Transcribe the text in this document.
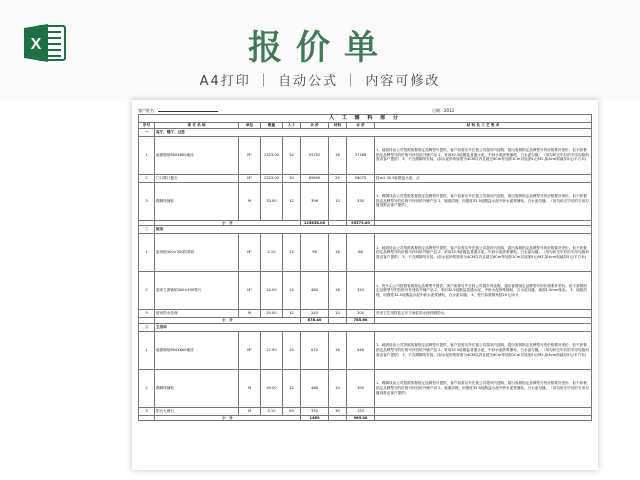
X	报价单
A4打印 ｜ 自动公式 ｜ 内容可修改
客户姓名：	日期：2013
人 工 辅 料 部 分								
序号	项 目 名 称	单位	数量	人工	合 价	材料	合 价	材 料 及 工 艺 要 求
一	客厅、餐厅、过道							
1	地面铺贴800X800地砖	M²	2323.00	24	55752	16	37168	1、地面砖由公司按照客餐指定品牌型号提供，客户如需另外在我公司超市内选购，超出客餐指定品牌型号的价格要补差价。但不套餐指定品牌型号的价格可补回给外铺产品 2、采用32.5硅酸盐普通水泥，中砂水泥砂浆铺贴，白水泥勾缝。（用勾砖完毕后的专用勾缝剂需由客户提供） 3、不含踢脚线安装。(如水泥砂浆厚度为4CM以内且超过6Cm每加厚1Cm另加加5元/M2,如4cm则减扣5元/平方米)
2	门口踢门槛石	M²	2323.00	30	69690	25	58075	按m2 32.5硅酸盐水泥，沙
3	踢脚线铺贴	M	33.00	12	396	10	330	1、踢脚线由公司按照客餐指定品牌型号提供，客户如需另外在我公司超市内选购，超出客餐指定品牌型号的价格要补差价。但不套餐指定品牌型号的价格可补回给外铺产品 2、墙面清理，用强度32.5硅酸盐水泥中砂水泥浆铺贴，白水泥勾缝。（用勾砖完毕后的专用勾缝剂需由客户提供）
	小　计				125838.00		95573.00	
二	厨房							
1	厨房地300×300防滑砖	M²	4.10	24	98	16	66	1、地面砖由公司按照客餐指定品牌型号提供，客户如需另外在我公司超市内选购，超出客餐指定品牌型号的价格要补差价。但不套餐指定品牌型号的价格可补回给外铺产品 2、采用32.5硅酸盐普通水泥，中砂水泥砂浆铺贴，白水泥勾缝。（用勾砖完毕后的专用勾缝剂需由客户提供） 3、不含踢脚线安装。(如水泥砂浆厚度为4CM以内且超过6Cm每加厚1Cm另加加5元/M2,如4cm则减扣5元/平方米)
2	厨房立面铺贴300×450瓷片	M²	20.00	24	480	16	320	1、瓷片由公司按照客餐指定品牌型号提供，客户如需另外在我公司超市内选购，超出客餐指定品牌型号的价格要补差价。但不套餐指定品牌型号的价格可补回给外铺产品 2、采用32.5硅酸盐普通水泥，中砂水泥砂浆铺贴，白水泥勾缝，墙面1.5mm抹灰。 3、墙面清理，用强度32.5硅酸盐水泥中砂水泥浆铺贴，白水泥勾缝。 4、瓷片如需倒角按20元/米计
3	厨房防水处理	M	20.00	12	240	10	200	采用卫生用料蓝五东方雨虹防水涂料刷防水。
	小　计				878.40		785.60	
三	卫浴间							
1	地面铺贴600X600地砖	M²	27.90	24	670	16	446	1、地面砖由公司按照客餐指定品牌型号提供，客户如需另外在我公司超市内选购，超出客餐指定品牌型号的价格要补差价。但不套餐指定品牌型号的价格可补回给外铺产品 2、采用32.5硅酸盐普通水泥，中砂水泥砂浆铺贴，白水泥勾缝。（用勾砖完毕后的专用勾缝剂需由客户提供） 3、不含踢脚线安装。(如水泥砂浆厚度为4CM以内且超过6Cm每加厚1Cm另加加5元/M2,如4cm则减扣5元/平方米)
2	踢脚线铺贴	M	39.00	12	468	10	390	1、踢脚线由公司按照客餐指定品牌型号提供，客户如需另外在我公司超市内选购，超出客餐指定品牌型号的价格要补差价。但不套餐指定品牌型号的价格可补回给外铺产品 2、墙面清理，用强度32.5硅酸盐水泥中砂水泥浆铺贴，白水泥勾缝。（用勾砖完毕后的专用勾缝剂需由客户提供）
3	阳台大理石	M	5.10	65	332	30	153	
	小　计				1469		989.40	
